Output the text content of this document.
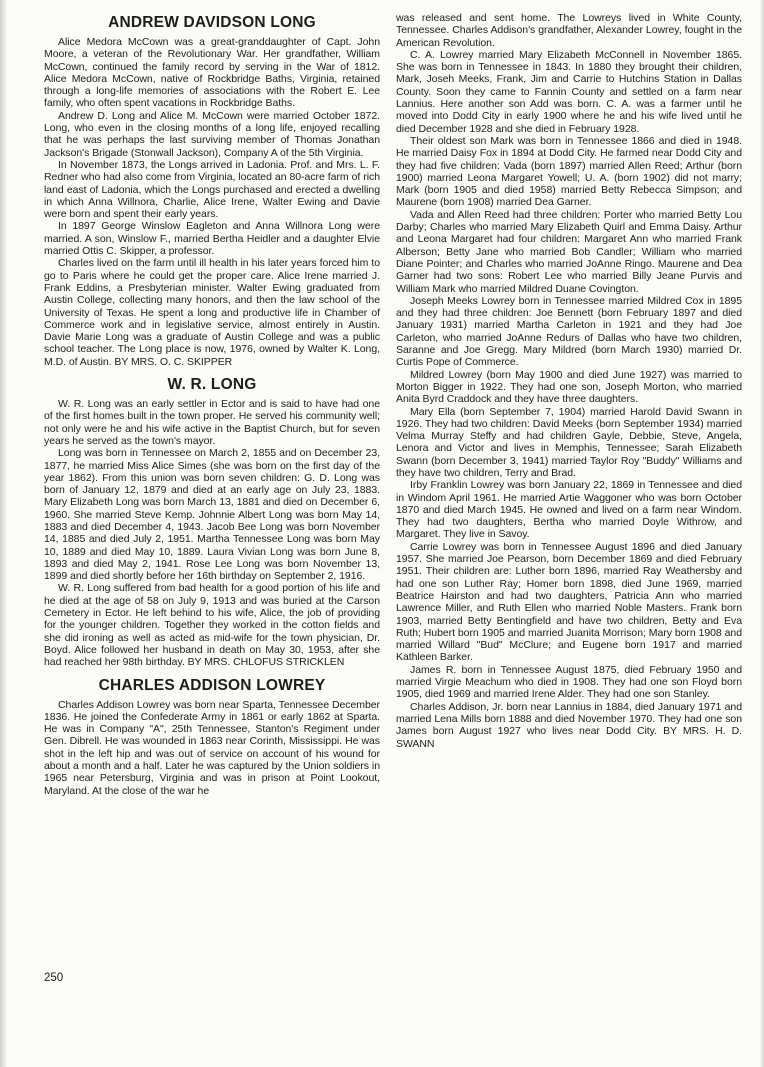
ANDREW DAVIDSON LONG

Alice Medora McCown was a great-granddaughter of Capt. John Moore, a veteran of the Revolutionary War. Her grandfather, William McCown, continued the family record by serving in the War of 1812. Alice Medora McCown, native of Rockbridge Baths, Virginia, retained through a long-life memories of associations with the Robert E. Lee family, who often spent vacations in Rockbridge Baths.

Andrew D. Long and Alice M. McCown were married October 1872. Long, who even in the closing months of a long life, enjoyed recalling that he was perhaps the last surviving member of Thomas Jonathan Jackson's Brigade (Stonwall Jackson), Company A of the 5th Virginia.

In November 1873, the Longs arrived in Ladonia. Prof. and Mrs. L. F. Redner who had also come from Virginia, located an 80-acre farm of rich land east of Ladonia, which the Longs purchased and erected a dwelling in which Anna Willnora, Charlie, Alice Irene, Walter Ewing and Davie were born and spent their early years.

In 1897 George Winslow Eagleton and Anna Willnora Long were married. A son, Winslow F., married Bertha Heidler and a daughter Elvie married Ottis C. Skipper, a professor.

Charles lived on the farm until ill health in his later years forced him to go to Paris where he could get the proper care. Alice Irene married J. Frank Eddins, a Presbyterian minister. Walter Ewing graduated from Austin College, collecting many honors, and then the law school of the University of Texas. He spent a long and productive life in Chamber of Commerce work and in legislative service, almost entirely in Austin. Davie Marie Long was a graduate of Austin College and was a public school teacher. The Long place is now, 1976, owned by Walter K. Long, M.D. of Austin. BY MRS. O. C. SKIPPER

W. R. LONG

W. R. Long was an early settler in Ector and is said to have had one of the first homes built in the town proper. He served his community well; not only were he and his wife active in the Baptist Church, but for seven years he served as the town's mayor.

Long was born in Tennessee on March 2, 1855 and on December 23, 1877, he married Miss Alice Simes (she was born on the first day of the year 1862). From this union was born seven children: G. D. Long was born of January 12, 1879 and died at an early age on July 23, 1883. Mary Elizabeth Long was born March 13, 1881 and died on December 6, 1960. She married Steve Kemp. Johnnie Albert Long was born May 14, 1883 and died December 4, 1943. Jacob Bee Long was born November 14, 1885 and died July 2, 1951. Martha Tennessee Long was born May 10, 1889 and died May 10, 1889. Laura Vivian Long was born June 8, 1893 and died May 2, 1941. Rose Lee Long was born November 13, 1899 and died shortly before her 16th birthday on September 2, 1916.

W. R. Long suffered from bad health for a good portion of his life and he died at the age of 58 on July 9, 1913 and was buried at the Carson Cemetery in Ector. He left behind to his wife, Alice, the job of providing for the younger children. Together they worked in the cotton fields and she did ironing as well as acted as mid-wife for the town physician, Dr. Boyd. Alice followed her husband in death on May 30, 1953, after she had reached her 98th birthday. BY MRS. CHLOFUS STRICKLEN

CHARLES ADDISON LOWREY

Charles Addison Lowrey was born near Sparta, Tennessee December 1836. He joined the Confederate Army in 1861 or early 1862 at Sparta. He was in Company "A", 25th Tennessee, Stanton's Regiment under Gen. Dibrell. He was wounded in 1863 near Corinth, Mississippi. He was shot in the left hip and was out of service on account of his wound for about a month and a half. Later he was captured by the Union soldiers in 1965 near Petersburg, Virginia and was in prison at Point Lookout, Maryland. At the close of the war he

was released and sent home. The Lowreys lived in White County, Tennessee. Charles Addison's grandfather, Alexander Lowrey, fought in the American Revolution.

C. A. Lowrey married Mary Elizabeth McConnell in November 1865. She was born in Tennessee in 1843. In 1880 they brought their children, Mark, Joseh Meeks, Frank, Jim and Carrie to Hutchins Station in Dallas County. Soon they came to Fannin County and settled on a farm near Lannius. Here another son Add was born. C. A. was a farmer until he moved into Dodd City in early 1900 where he and his wife lived until he died December 1928 and she died in February 1928.

Their oldest son Mark was born in Tennessee 1866 and died in 1948. He married Daisy Fox in 1894 at Dodd City. He farmed near Dodd City and they had five children: Vada (born 1897) married Allen Reed; Arthur (born 1900) married Leona Margaret Yowell; U. A. (born 1902) did not marry; Mark (born 1905 and died 1958) married Betty Rebecca Simpson; and Maurene (born 1908) married Dea Garner.

Vada and Allen Reed had three children: Porter who married Betty Lou Darby; Charles who married Mary Elizabeth Quirl and Emma Daisy. Arthur and Leona Margaret had four children: Margaret Ann who married Frank Alberson; Betty Jane who married Bob Candler; William who married Diane Pointer; and Charles who married JoAnne Ringo. Maurene and Dea Garner had two sons: Robert Lee who married Billy Jeane Purvis and William Mark who married Mildred Duane Covington.

Joseph Meeks Lowrey born in Tennessee married Mildred Cox in 1895 and they had three children: Joe Bennett (born February 1897 and died January 1931) married Martha Carleton in 1921 and they had Joe Carleton, who married JoAnne Redurs of Dallas who have two children, Saranne and Joe Gregg. Mary Mildred (born March 1930) married Dr. Curtis Pope of Commerce.

Mildred Lowrey (born May 1900 and died June 1927) was married to Morton Bigger in 1922. They had one son, Joseph Morton, who married Anita Byrd Craddock and they have three daughters.

Mary Ella (born September 7, 1904) married Harold David Swann in 1926. They had two children: David Meeks (born September 1934) married Velma Murray Steffy and had children Gayle, Debbie, Steve, Angela, Lenora and Victor and lives in Memphis, Tennessee; Sarah Elizabeth Swann (born December 3, 1941) married Taylor Roy "Buddy" Williams and they have two children, Terry and Brad.

Irby Franklin Lowrey was born January 22, 1869 in Tennessee and died in Windom April 1961. He married Artie Waggoner who was born October 1870 and died March 1945. He owned and lived on a farm near Windom. They had two daughters, Bertha who married Doyle Withrow, and Margaret. They live in Savoy.

Carrie Lowrey was born in Tennessee August 1896 and died January 1957. She married Joe Pearson, born December 1869 and died February 1951. Their children are: Luther born 1896, married Ray Weathersby and had one son Luther Ray; Homer born 1898, died June 1969, married Beatrice Hairston and had two daughters, Patricia Ann who married Lawrence Miller, and Ruth Ellen who married Noble Masters. Frank born 1903, married Betty Bentingfield and have two children, Betty and Eva Ruth; Hubert born 1905 and married Juanita Morrison; Mary born 1908 and married Willard "Bud" McClure; and Eugene born 1917 and married Kathleen Barker.

James R. born in Tennessee August 1875, died February 1950 and married Virgie Meachum who died in 1908. They had one son Floyd born 1905, died 1969 and married Irene Alder. They had one son Stanley.

Charles Addison, Jr. born near Lannius in 1884, died January 1971 and married Lena Mills born 1888 and died November 1970. They had one son James born August 1927 who lives near Dodd City. BY MRS. H. D. SWANN

250
